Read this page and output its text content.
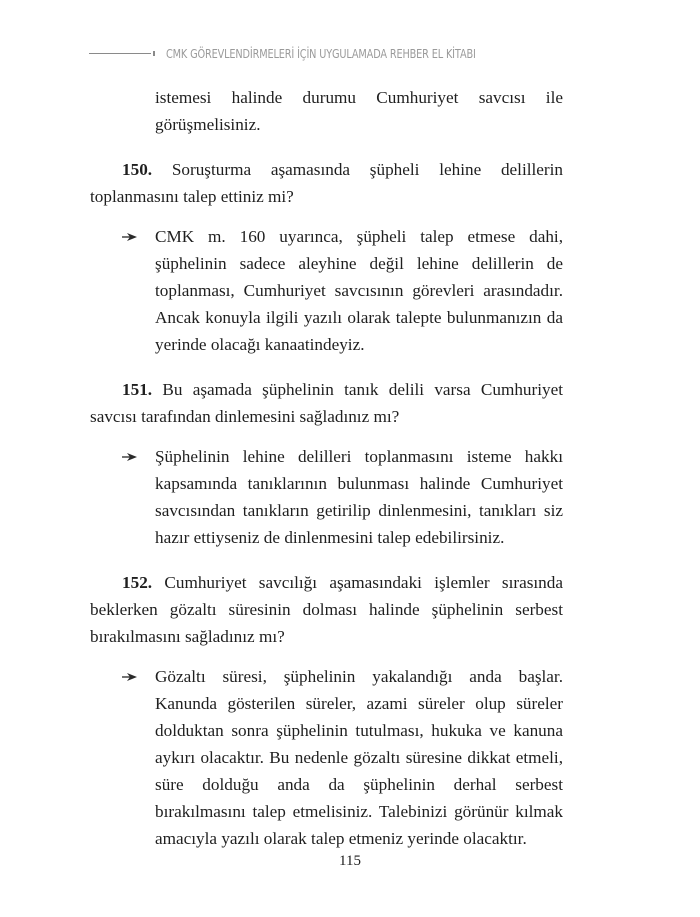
CMK GÖREVLENDİRMELERİ İÇİN UYGULAMADA REHBER EL KİTABI

istemesi halinde durumu Cumhuriyet savcısı ile görüşmelisiniz.

150. Soruşturma aşamasında şüpheli lehine delillerin toplanmasını talep ettiniz mi?

CMK m. 160 uyarınca, şüpheli talep etmese dahi, şüphelinin sadece aleyhine değil lehine delillerin de toplanması, Cumhuriyet savcısının görevleri arasındadır. Ancak konuyla ilgili yazılı olarak talepte bulunmanızın da yerinde olacağı kanaatindeyiz.

151. Bu aşamada şüphelinin tanık delili varsa Cumhuriyet savcısı tarafından dinlemesini sağladınız mı?

Şüphelinin lehine delilleri toplanmasını isteme hakkı kapsamında tanıklarının bulunması halinde Cumhuriyet savcısından tanıkların getirilip dinlenmesini, tanıkları siz hazır ettiyseniz de dinlenmesini talep edebilirsiniz.

152. Cumhuriyet savcılığı aşamasındaki işlemler sırasında beklerken gözaltı süresinin dolması halinde şüphelinin serbest bırakılmasını sağladınız mı?

Gözaltı süresi, şüphelinin yakalandığı anda başlar. Kanunda gösterilen süreler, azami süreler olup süreler dolduktan sonra şüphelinin tutulması, hukuka ve kanuna aykırı olacaktır. Bu nedenle gözaltı süresine dikkat etmeli, süre dolduğu anda da şüphelinin derhal serbest bırakılmasını talep etmelisiniz. Talebinizi görünür kılmak amacıyla yazılı olarak talep etmeniz yerinde olacaktır.

115
